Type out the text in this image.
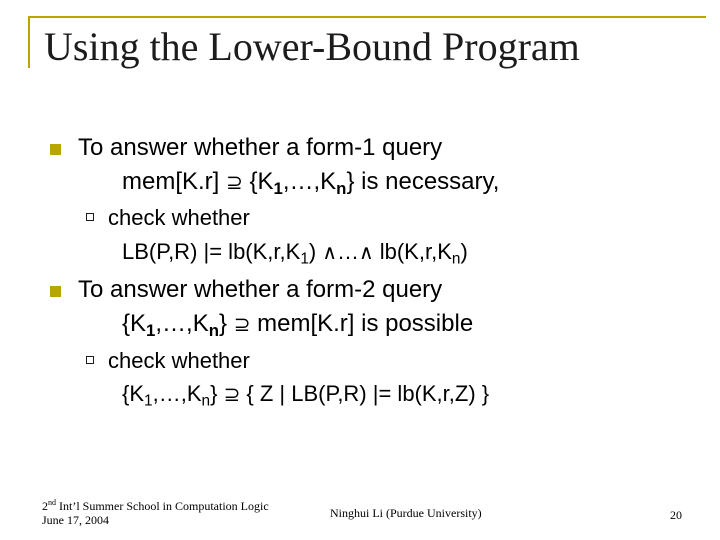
Using the Lower-Bound Program
To answer whether a form-1 query
mem[K.r] ⊇ $\{K_1,\dots,K_n\}$ is necessary,
check whether
LB(P,R) |= $lb(K,r,K_1)$ ∧…∧ $lb(K,r,K_n)$
To answer whether a form-2 query
$\{K_1,\dots,K_n\}$ ⊇ mem[K.r] is possible
check whether
$\{K_1,\dots,K_n\}$ ⊇ { Z | LB(P,R) |= lb(K,r,Z) }
2nd Int’l Summer School in Computation Logic
June 17, 2004	Ninghui Li (Purdue University)	20
